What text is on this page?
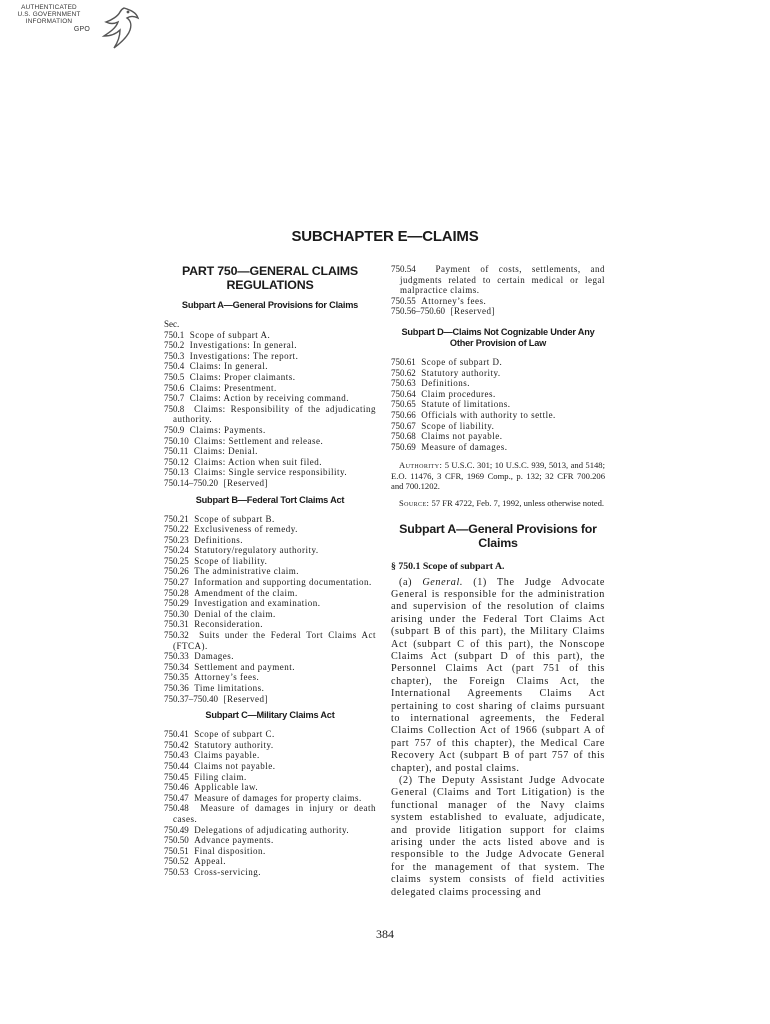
AUTHENTICATED
U.S. GOVERNMENT
INFORMATION
GPO
SUBCHAPTER E—CLAIMS
PART 750—GENERAL CLAIMS REGULATIONS
Subpart A—General Provisions for Claims

Sec.

750.1 Scope of subpart A.

750.2 Investigations: In general.

750.3 Investigations: The report.

750.4 Claims: In general.

750.5 Claims: Proper claimants.

750.6 Claims: Presentment.

750.7 Claims: Action by receiving command.

750.8 Claims: Responsibility of the adjudicating authority.

750.9 Claims: Payments.

750.10 Claims: Settlement and release.

750.11 Claims: Denial.

750.12 Claims: Action when suit filed.

750.13 Claims: Single service responsibility.

750.14–750.20 [Reserved]

Subpart B—Federal Tort Claims Act

750.21 Scope of subpart B.

750.22 Exclusiveness of remedy.

750.23 Definitions.

750.24 Statutory/regulatory authority.

750.25 Scope of liability.

750.26 The administrative claim.

750.27 Information and supporting documentation.

750.28 Amendment of the claim.

750.29 Investigation and examination.

750.30 Denial of the claim.

750.31 Reconsideration.

750.32 Suits under the Federal Tort Claims Act (FTCA).

750.33 Damages.

750.34 Settlement and payment.

750.35 Attorney’s fees.

750.36 Time limitations.

750.37–750.40 [Reserved]

Subpart C—Military Claims Act

750.41 Scope of subpart C.

750.42 Statutory authority.

750.43 Claims payable.

750.44 Claims not payable.

750.45 Filing claim.

750.46 Applicable law.

750.47 Measure of damages for property claims.

750.48 Measure of damages in injury or death cases.

750.49 Delegations of adjudicating authority.

750.50 Advance payments.

750.51 Final disposition.

750.52 Appeal.

750.53 Cross-servicing.

750.54 Payment of costs, settlements, and judgments related to certain medical or legal malpractice claims.

750.55 Attorney’s fees.

750.56–750.60 [Reserved]

Subpart D—Claims Not Cognizable Under Any Other Provision of Law

750.61 Scope of subpart D.

750.62 Statutory authority.

750.63 Definitions.

750.64 Claim procedures.

750.65 Statute of limitations.

750.66 Officials with authority to settle.

750.67 Scope of liability.

750.68 Claims not payable.

750.69 Measure of damages.

Authority: 5 U.S.C. 301; 10 U.S.C. 939, 5013, and 5148; E.O. 11476, 3 CFR, 1969 Comp., p. 132; 32 CFR 700.206 and 700.1202.

Source: 57 FR 4722, Feb. 7, 1992, unless otherwise noted.

Subpart A—General Provisions for Claims

§ 750.1 Scope of subpart A.

(a) General. (1) The Judge Advocate General is responsible for the administration and supervision of the resolution of claims arising under the Federal Tort Claims Act (subpart B of this part), the Military Claims Act (subpart C of this part), the Nonscope Claims Act (subpart D of this part), the Personnel Claims Act (part 751 of this chapter), the Foreign Claims Act, the International Agreements Claims Act pertaining to cost sharing of claims pursuant to international agreements, the Federal Claims Collection Act of 1966 (subpart A of part 757 of this chapter), the Medical Care Recovery Act (subpart B of part 757 of this chapter), and postal claims.

(2) The Deputy Assistant Judge Advocate General (Claims and Tort Litigation) is the functional manager of the Navy claims system established to evaluate, adjudicate, and provide litigation support for claims arising under the acts listed above and is responsible to the Judge Advocate General for the management of that system. The claims system consists of field activities delegated claims processing and

384
